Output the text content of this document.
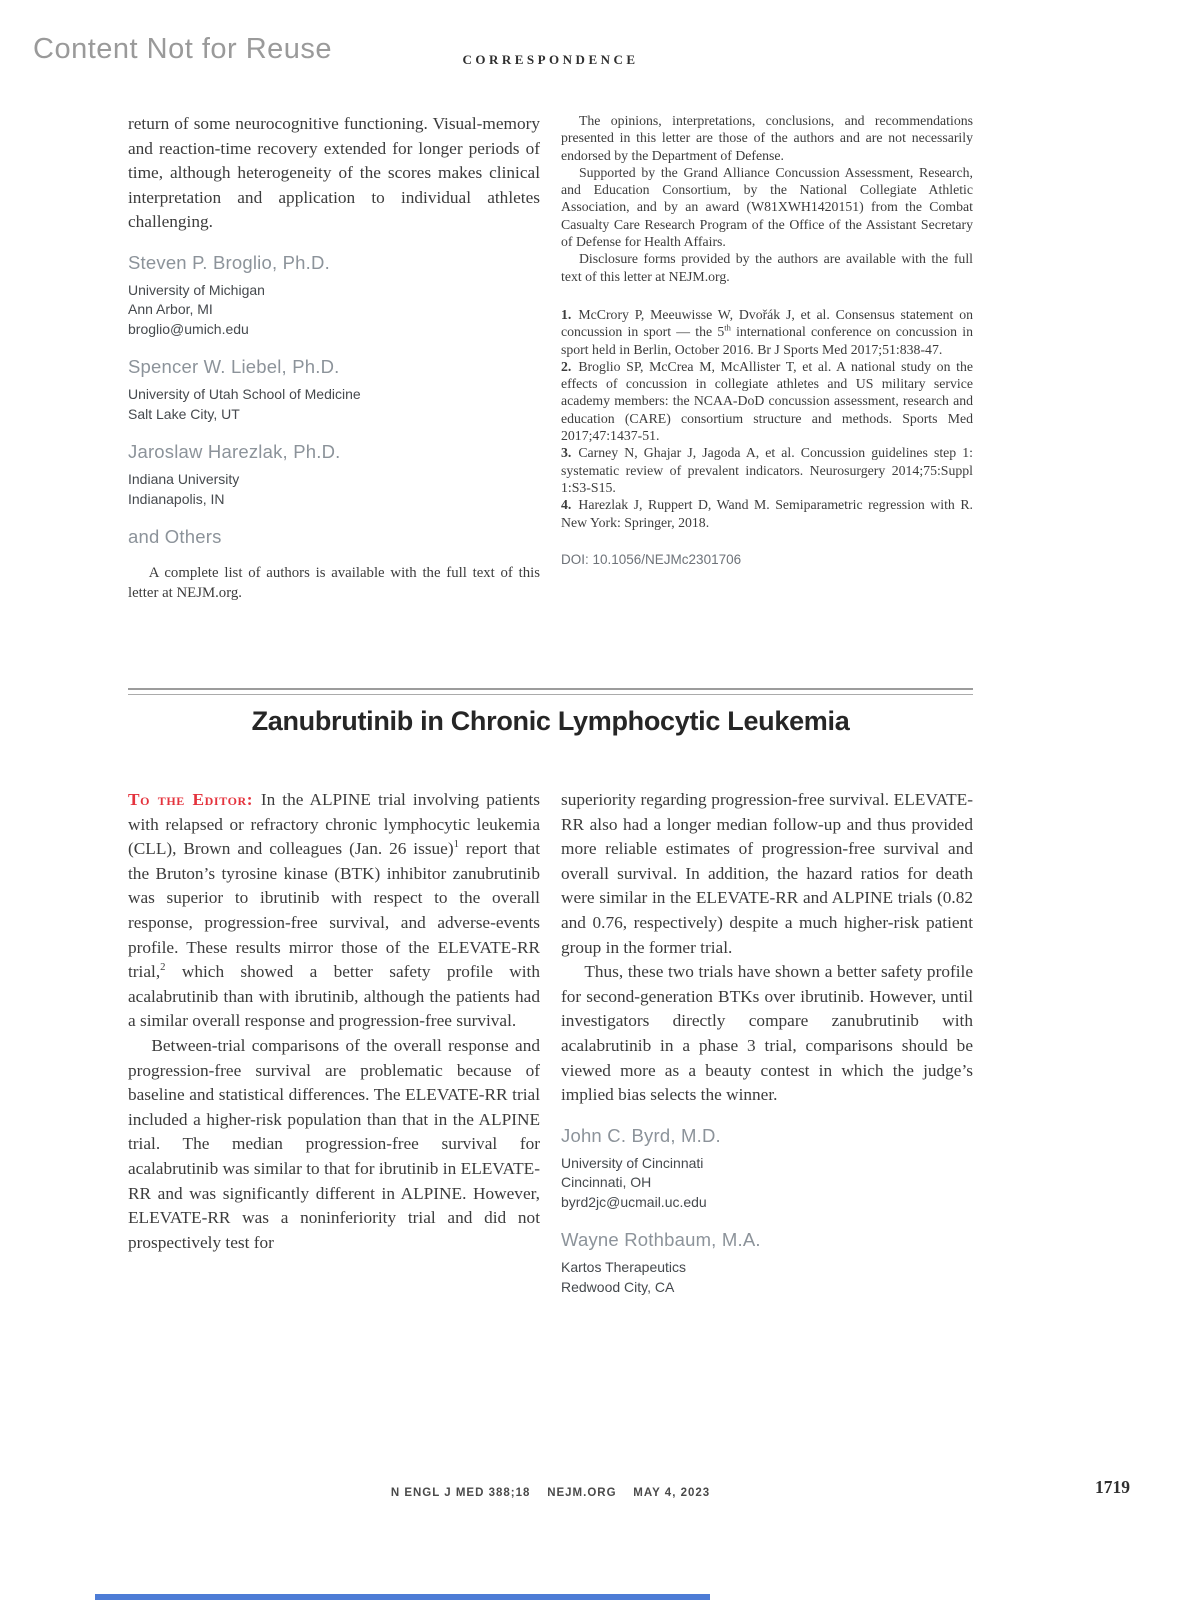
Content Not for Reuse	CORRESPONDENCE

return of some neurocognitive functioning. Visual-memory and reaction-time recovery extended for longer periods of time, although heterogeneity of the scores makes clinical interpretation and application to individual athletes challenging.

Steven P. Broglio, Ph.D.

University of Michigan

Ann Arbor, MI

broglio@umich.edu

Spencer W. Liebel, Ph.D.

University of Utah School of Medicine

Salt Lake City, UT

Jaroslaw Harezlak, Ph.D.

Indiana University

Indianapolis, IN

and Others

A complete list of authors is available with the full text of this letter at NEJM.org.

The opinions, interpretations, conclusions, and recommendations presented in this letter are those of the authors and are not necessarily endorsed by the Department of Defense.

Supported by the Grand Alliance Concussion Assessment, Research, and Education Consortium, by the National Collegiate Athletic Association, and by an award (W81XWH1420151) from the Combat Casualty Care Research Program of the Office of the Assistant Secretary of Defense for Health Affairs.

Disclosure forms provided by the authors are available with the full text of this letter at NEJM.org.

1. McCrory P, Meeuwisse W, Dvořák J, et al. Consensus statement on concussion in sport — the 5th international conference on concussion in sport held in Berlin, October 2016. Br J Sports Med 2017;51:838-47.

2. Broglio SP, McCrea M, McAllister T, et al. A national study on the effects of concussion in collegiate athletes and US military service academy members: the NCAA-DoD concussion assessment, research and education (CARE) consortium structure and methods. Sports Med 2017;47:1437-51.

3. Carney N, Ghajar J, Jagoda A, et al. Concussion guidelines step 1: systematic review of prevalent indicators. Neurosurgery 2014;75:Suppl 1:S3-S15.

4. Harezlak J, Ruppert D, Wand M. Semiparametric regression with R. New York: Springer, 2018.

DOI: 10.1056/NEJMc2301706
Zanubrutinib in Chronic Lymphocytic Leukemia

To the Editor: In the ALPINE trial involving patients with relapsed or refractory chronic lymphocytic leukemia (CLL), Brown and colleagues (Jan. 26 issue)$^1$ report that the Bruton’s tyrosine kinase (BTK) inhibitor zanubrutinib was superior to ibrutinib with respect to the overall response, progression-free survival, and adverse-events profile. These results mirror those of the ELEVATE-RR trial,$^2$ which showed a better safety profile with acalabrutinib than with ibrutinib, although the patients had a similar overall response and progression-free survival.

Between-trial comparisons of the overall response and progression-free survival are problematic because of baseline and statistical differences. The ELEVATE-RR trial included a higher-risk population than that in the ALPINE trial. The median progression-free survival for acalabrutinib was similar to that for ibrutinib in ELEVATE-RR and was significantly different in ALPINE. However, ELEVATE-RR was a noninferiority trial and did not prospectively test for

superiority regarding progression-free survival. ELEVATE-RR also had a longer median follow-up and thus provided more reliable estimates of progression-free survival and overall survival. In addition, the hazard ratios for death were similar in the ELEVATE-RR and ALPINE trials (0.82 and 0.76, respectively) despite a much higher-risk patient group in the former trial.

Thus, these two trials have shown a better safety profile for second-generation BTKs over ibrutinib. However, until investigators directly compare zanubrutinib with acalabrutinib in a phase 3 trial, comparisons should be viewed more as a beauty contest in which the judge’s implied bias selects the winner.

John C. Byrd, M.D.

University of Cincinnati

Cincinnati, OH

byrd2jc@ucmail.uc.edu

Wayne Rothbaum, M.A.

Kartos Therapeutics

Redwood City, CA

N ENGL J MED 388;18    NEJM.ORG    MAY 4, 2023	1719
